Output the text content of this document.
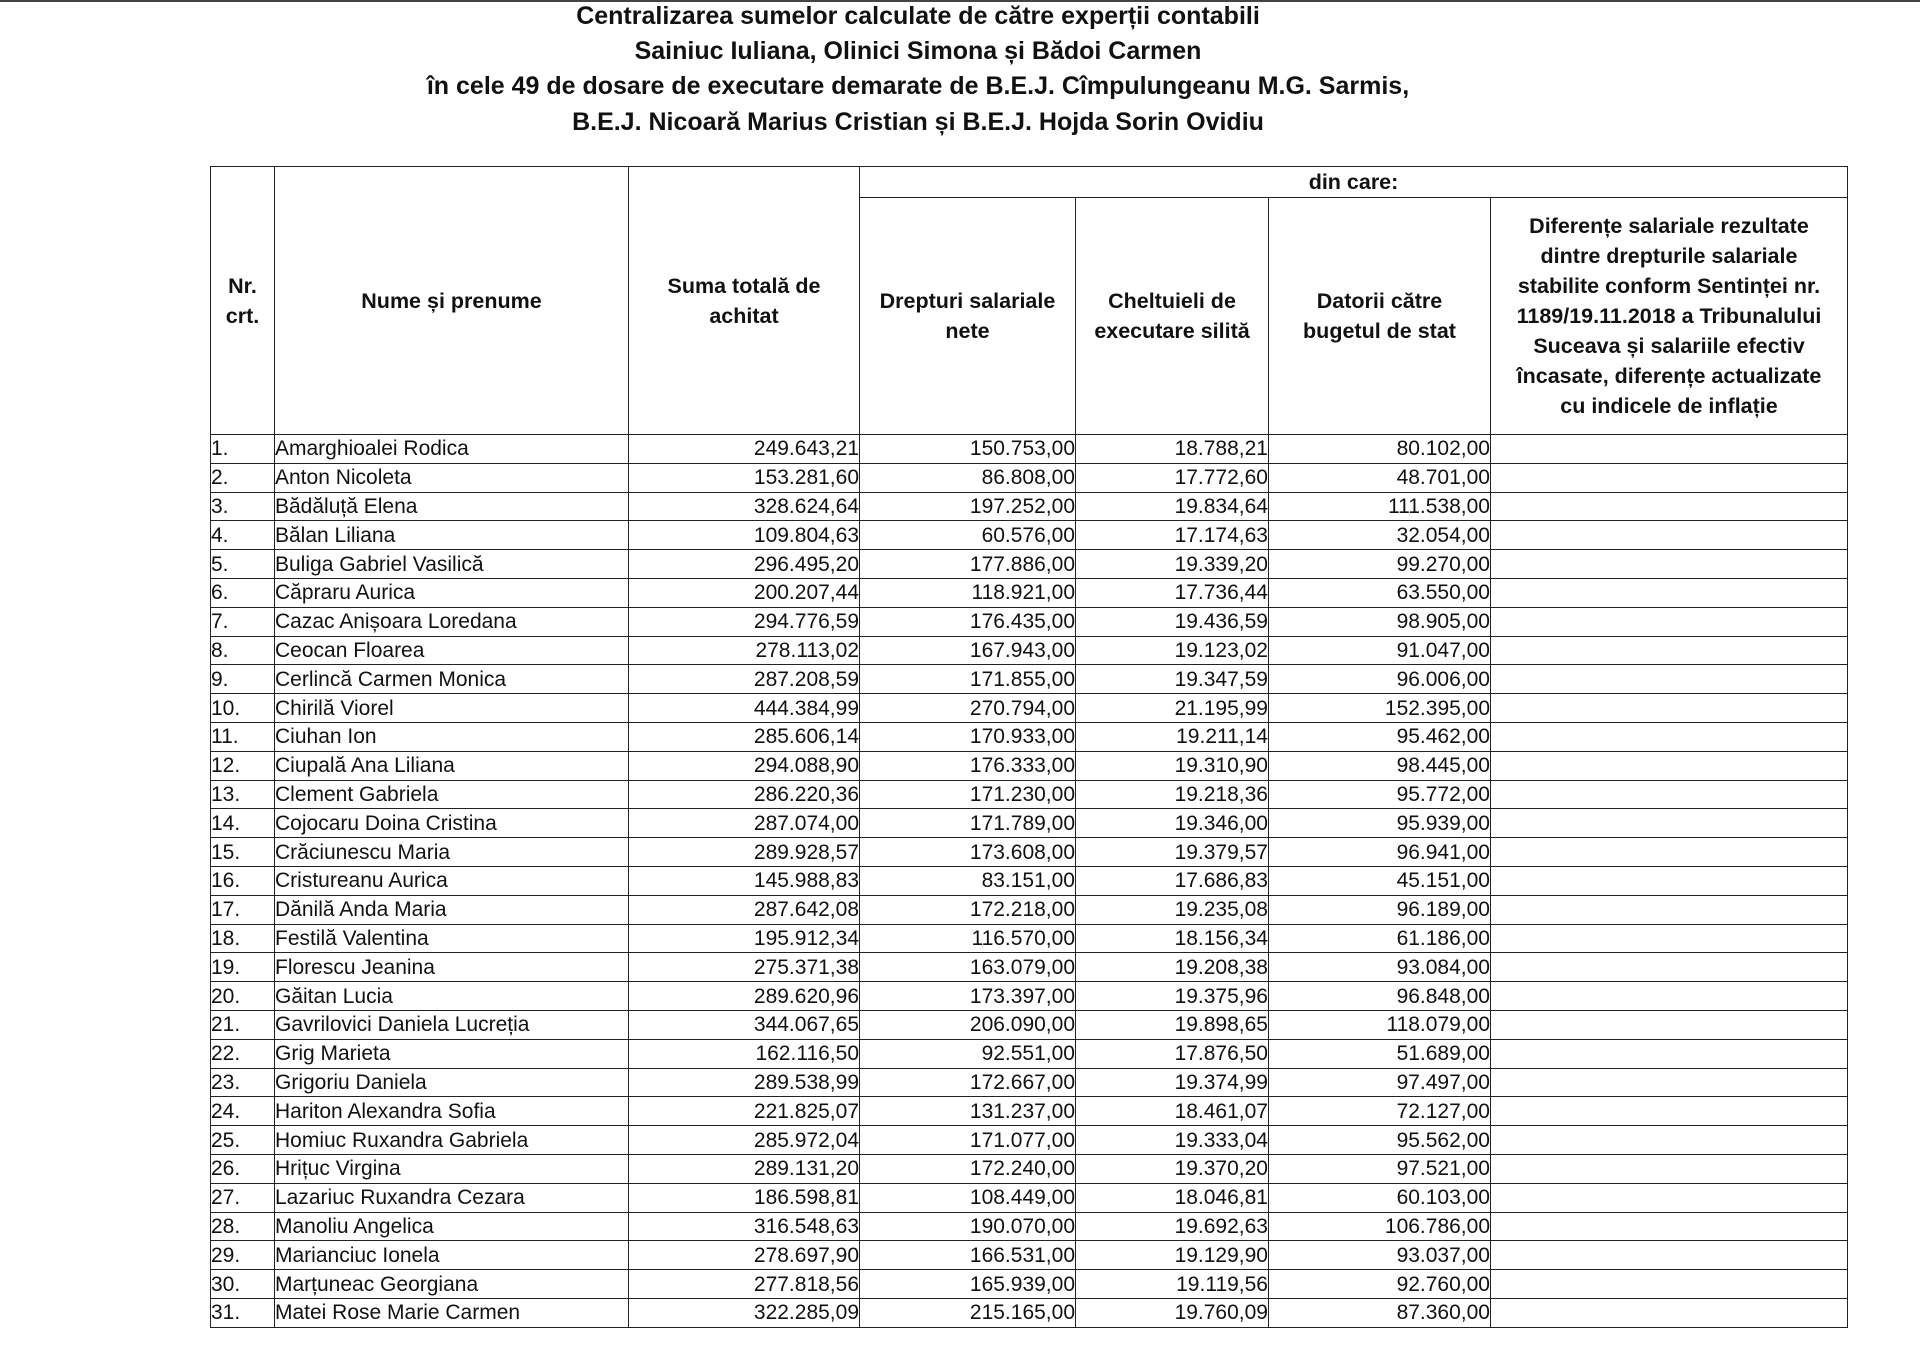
Centralizarea sumelor calculate de către experții contabili
Sainiuc Iuliana, Olinici Simona și Bădoi Carmen
în cele 49 de dosare de executare demarate de B.E.J. Cîmpulungeanu M.G. Sarmis,
B.E.J. Nicoară Marius Cristian și B.E.J. Hojda Sorin Ovidiu
Nr. crt.	Nume și prenume	Suma totală de achitat	din care:			
			Drepturi salariale nete	Cheltuieli de executare silită	Datorii către bugetul de stat	Diferențe salariale rezultate dintre drepturile salariale stabilite conform Sentinței nr. 1189/19.11.2018 a Tribunalului Suceava și salariile efectiv încasate, diferențe actualizate cu indicele de inflație
1.	Amarghioalei Rodica	249.643,21	150.753,00	18.788,21	80.102,00	
2.	Anton Nicoleta	153.281,60	86.808,00	17.772,60	48.701,00	
3.	Bădăluță Elena	328.624,64	197.252,00	19.834,64	111.538,00	
4.	Bălan Liliana	109.804,63	60.576,00	17.174,63	32.054,00	
5.	Buliga Gabriel Vasilică	296.495,20	177.886,00	19.339,20	99.270,00	
6.	Căpraru Aurica	200.207,44	118.921,00	17.736,44	63.550,00	
7.	Cazac Anișoara Loredana	294.776,59	176.435,00	19.436,59	98.905,00	
8.	Ceocan Floarea	278.113,02	167.943,00	19.123,02	91.047,00	
9.	Cerlincă Carmen Monica	287.208,59	171.855,00	19.347,59	96.006,00	
10.	Chirilă Viorel	444.384,99	270.794,00	21.195,99	152.395,00	
11.	Ciuhan Ion	285.606,14	170.933,00	19.211,14	95.462,00	
12.	Ciupală Ana Liliana	294.088,90	176.333,00	19.310,90	98.445,00	
13.	Clement Gabriela	286.220,36	171.230,00	19.218,36	95.772,00	
14.	Cojocaru Doina Cristina	287.074,00	171.789,00	19.346,00	95.939,00	
15.	Crăciunescu Maria	289.928,57	173.608,00	19.379,57	96.941,00	
16.	Cristureanu Aurica	145.988,83	83.151,00	17.686,83	45.151,00	
17.	Dănilă Anda Maria	287.642,08	172.218,00	19.235,08	96.189,00	
18.	Festilă Valentina	195.912,34	116.570,00	18.156,34	61.186,00	
19.	Florescu Jeanina	275.371,38	163.079,00	19.208,38	93.084,00	
20.	Găitan Lucia	289.620,96	173.397,00	19.375,96	96.848,00	
21.	Gavrilovici Daniela Lucreția	344.067,65	206.090,00	19.898,65	118.079,00	
22.	Grig Marieta	162.116,50	92.551,00	17.876,50	51.689,00	
23.	Grigoriu Daniela	289.538,99	172.667,00	19.374,99	97.497,00	
24.	Hariton Alexandra Sofia	221.825,07	131.237,00	18.461,07	72.127,00	
25.	Homiuc Ruxandra Gabriela	285.972,04	171.077,00	19.333,04	95.562,00	
26.	Hrițuc Virgina	289.131,20	172.240,00	19.370,20	97.521,00	
27.	Lazariuc Ruxandra Cezara	186.598,81	108.449,00	18.046,81	60.103,00	
28.	Manoliu Angelica	316.548,63	190.070,00	19.692,63	106.786,00	
29.	Marianciuc Ionela	278.697,90	166.531,00	19.129,90	93.037,00	
30.	Marțuneac Georgiana	277.818,56	165.939,00	19.119,56	92.760,00	
31.	Matei Rose Marie Carmen	322.285,09	215.165,00	19.760,09	87.360,00	
